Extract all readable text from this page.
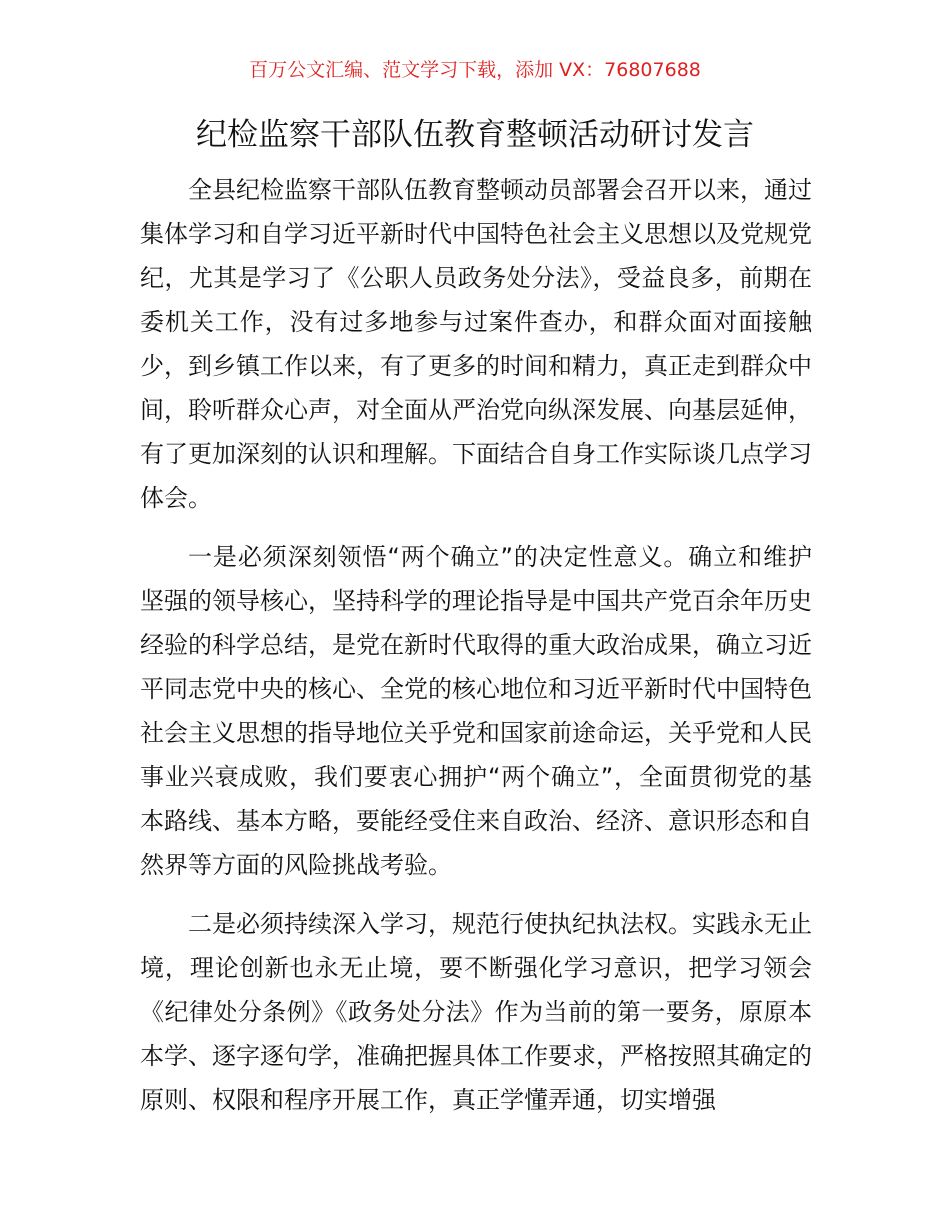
百万公文汇编、范文学习下载，添加 VX：76807688
纪检监察干部队伍教育整顿活动研讨发言

全县纪检监察干部队伍教育整顿动员部署会召开以来，通过集体学习和自学习近平新时代中国特色社会主义思想以及党规党纪，尤其是学习了《公职人员政务处分法》，受益良多，前期在委机关工作，没有过多地参与过案件查办，和群众面对面接触少，到乡镇工作以来，有了更多的时间和精力，真正走到群众中间，聆听群众心声，对全面从严治党向纵深发展、向基层延伸，有了更加深刻的认识和理解。下面结合自身工作实际谈几点学习体会。

一是必须深刻领悟“两个确立”的决定性意义。确立和维护坚强的领导核心，坚持科学的理论指导是中国共产党百余年历史经验的科学总结，是党在新时代取得的重大政治成果，确立习近平同志党中央的核心、全党的核心地位和习近平新时代中国特色社会主义思想的指导地位关乎党和国家前途命运，关乎党和人民事业兴衰成败，我们要衷心拥护“两个确立”，全面贯彻党的基本路线、基本方略，要能经受住来自政治、经济、意识形态和自然界等方面的风险挑战考验。

二是必须持续深入学习，规范行使执纪执法权。实践永无止境，理论创新也永无止境，要不断强化学习意识，把学习领会《纪律处分条例》《政务处分法》作为当前的第一要务，原原本本学、逐字逐句学，准确把握具体工作要求，严格按照其确定的原则、权限和程序开展工作，真正学懂弄通，切实增强
